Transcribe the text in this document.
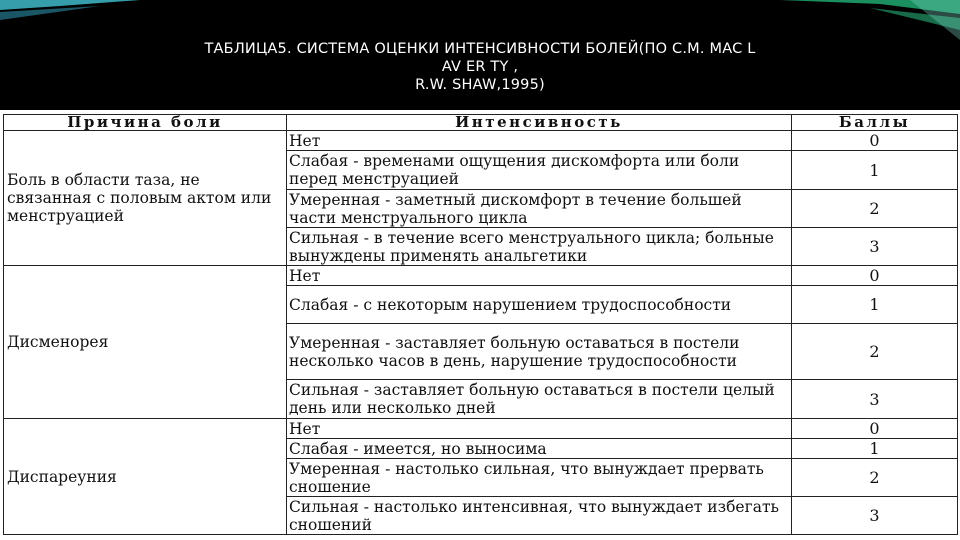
ТАБЛИЦА5. СИСТЕМА ОЦЕНКИ ИНТЕНСИВНОСТИ БОЛЕЙ(ПО C.M. MAC L
AV ER TY ,
R.W. SHAW,1995)
Причина боли	Интенсивность	Баллы
Боль в области таза, не связанная с половым актом или менструацией	Нет	0
	Слабая - временами ощущения дискомфорта или боли перед менструацией	1
	Умеренная - заметный дискомфорт в течение большей части менструального цикла	2
	Сильная - в течение всего менструального цикла; больные вынуждены применять анальгетики	3
Дисменорея	Нет	0
	Слабая - с некоторым нарушением трудоспособности	1
	Умеренная - заставляет больную оставаться в постели несколько часов в день, нарушение трудоспособности	2
	Сильная - заставляет больную оставаться в постели целый день или несколько дней	3
Диспареуния	Нет	0
	Слабая - имеется, но выносима	1
	Умеренная - настолько сильная, что вынуждает прервать сношение	2
	Сильная - настолько интенсивная, что вынуждает избегать сношений	3
